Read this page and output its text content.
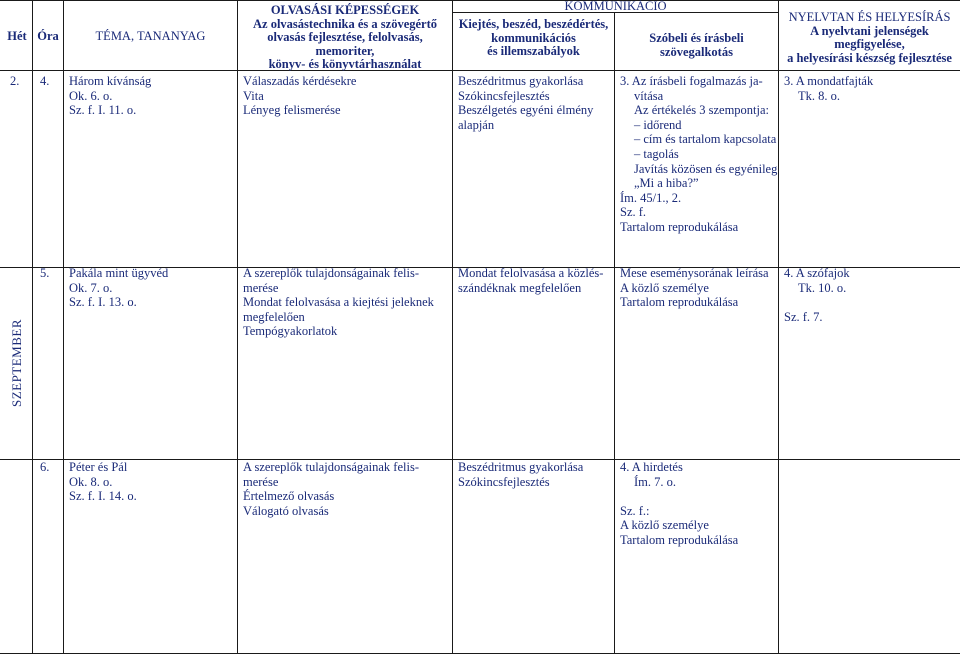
Hét Óra	TÉMA, TANANYAG
OLVASÁSI KÉPESSÉGEK
Az olvasástechnika és a szövegértő
olvasás fejlesztése, felolvasás, memoriter,
könyv- és könyvtárhasználat
KOMMUNIKÁCIÓ
Kiejtés, beszéd, beszédértés,
kommunikációs
és illemszabályok
Szóbeli és írásbeli
szövegalkotás
NYELVTAN ÉS HELYESÍRÁS
A nyelvtani jelenségek
megfigyelése,
a helyesírási készség fejlesztése
SZEPTEMBER
2. 4. Három kívánság
Ok. 6. o.
Sz. f. I. 11. o.
Válaszadás kérdésekre
Vita
Lényeg felismerése
Beszédritmus gyakorlása
Szókincsfejlesztés
Beszélgetés egyéni élmény
alapján
3. Az írásbeli fogalmazás ja-
vítása
Az értékelés 3 szempontja:
– időrend
– cím és tartalom kapcsolata
– tagolás
Javítás közösen és egyénileg
„Mi a hiba?”
Ím. 45/1., 2.
Sz. f.
Tartalom reprodukálása
3. A mondatfajták
Tk. 8. o.

5. Pakála mint ügyvéd
Ok. 7. o.
Sz. f. I. 13. o.
A szereplők tulajdonságainak felis-
merése
Mondat felolvasása a kiejtési jeleknek
megfelelően
Tempógyakorlatok
Mondat felolvasása a közlés-
szándéknak megfelelően
Mese eseménysorának leírása
A közlő személye
Tartalom reprodukálása
4. A szófajok
Tk. 10. o.

Sz. f. 7.

6. Péter és Pál
Ok. 8. o.
Sz. f. I. 14. o.
A szereplők tulajdonságainak felis-
merése
Értelmező olvasás
Válogató olvasás
Beszédritmus gyakorlása
Szókincsfejlesztés
4. A hirdetés
Ím. 7. o.

Sz. f.:
A közlő személye
Tartalom reprodukálása
